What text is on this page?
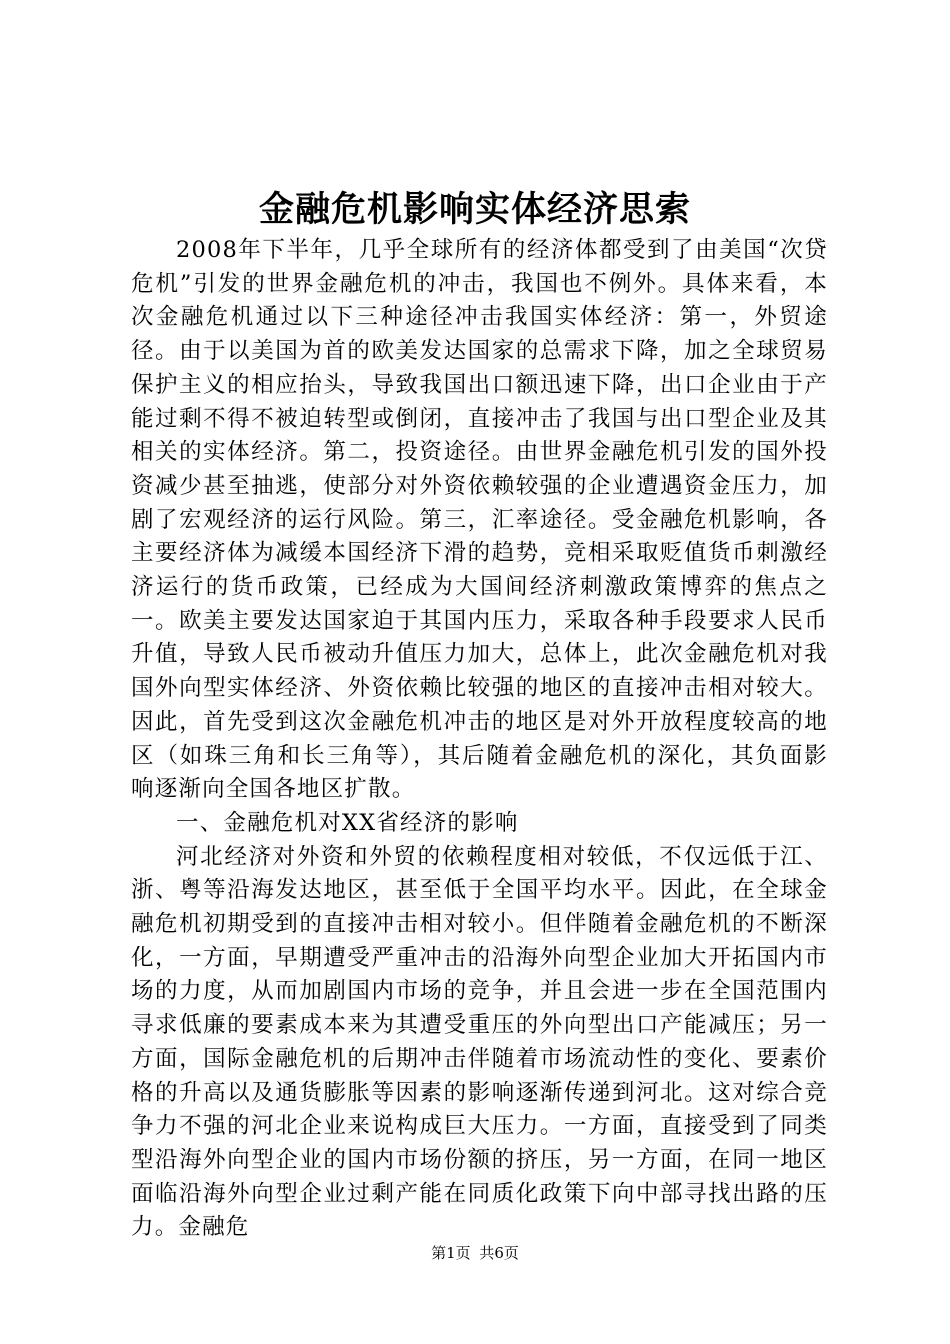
金融危机影响实体经济思索

2008年下半年，几乎全球所有的经济体都受到了由美国“次贷危机”引发的世界金融危机的冲击，我国也不例外。具体来看，本次金融危机通过以下三种途径冲击我国实体经济：第一，外贸途径。由于以美国为首的欧美发达国家的总需求下降，加之全球贸易保护主义的相应抬头，导致我国出口额迅速下降，出口企业由于产能过剩不得不被迫转型或倒闭，直接冲击了我国与出口型企业及其相关的实体经济。第二，投资途径。由世界金融危机引发的国外投资减少甚至抽逃，使部分对外资依赖较强的企业遭遇资金压力，加剧了宏观经济的运行风险。第三，汇率途径。受金融危机影响，各主要经济体为减缓本国经济下滑的趋势，竞相采取贬值货币刺激经济运行的货币政策，已经成为大国间经济刺激政策博弈的焦点之一。欧美主要发达国家迫于其国内压力，采取各种手段要求人民币升值，导致人民币被动升值压力加大，总体上，此次金融危机对我国外向型实体经济、外资依赖比较强的地区的直接冲击相对较大。因此，首先受到这次金融危机冲击的地区是对外开放程度较高的地区（如珠三角和长三角等），其后随着金融危机的深化，其负面影响逐渐向全国各地区扩散。

一、金融危机对XX省经济的影响

河北经济对外资和外贸的依赖程度相对较低，不仅远低于江、浙、粤等沿海发达地区，甚至低于全国平均水平。因此，在全球金融危机初期受到的直接冲击相对较小。但伴随着金融危机的不断深化，一方面，早期遭受严重冲击的沿海外向型企业加大开拓国内市场的力度，从而加剧国内市场的竞争，并且会进一步在全国范围内寻求低廉的要素成本来为其遭受重压的外向型出口产能减压；另一方面，国际金融危机的后期冲击伴随着市场流动性的变化、要素价格的升高以及通货膨胀等因素的影响逐渐传递到河北。这对综合竞争力不强的河北企业来说构成巨大压力。一方面，直接受到了同类型沿海外向型企业的国内市场份额的挤压，另一方面，在同一地区面临沿海外向型企业过剩产能在同质化政策下向中部寻找出路的压力。金融危

第1页 共6页
